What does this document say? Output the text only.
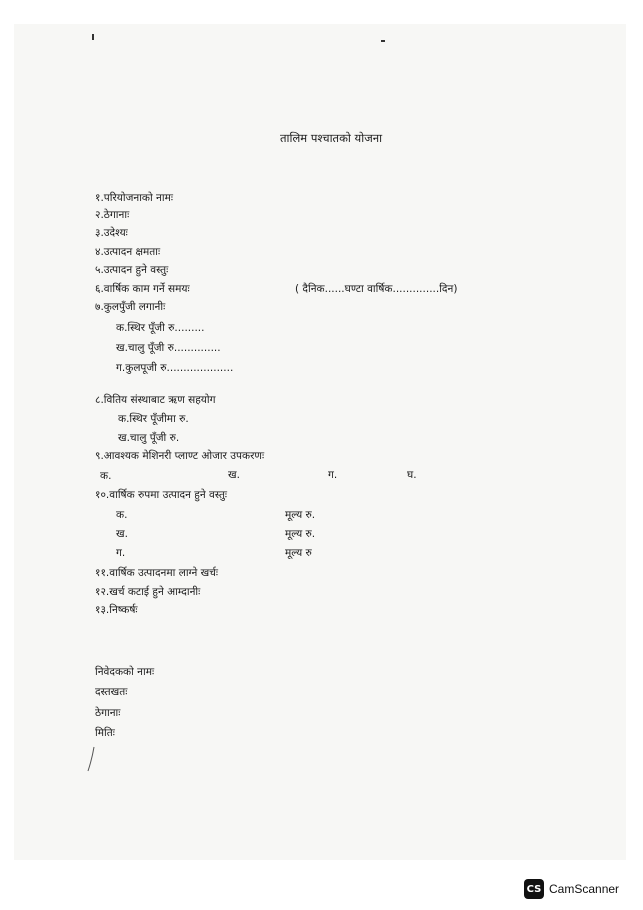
तालिम पश्चातको योजना
१.परियोजनाको नामः
२.ठेगानाः
३.उदेश्यः
४.उत्पादन क्षमताः
५.उत्पादन हुने वस्तुः
६.वार्षिक काम गर्ने समयः	( दैनिक......घण्टा वार्षिक..............दिन)
७.कुलपुँजी लगानीः
क.स्थिर पूँजी रु.........
ख.चालु पूँजी रु..............
ग.कुलपूजी रु....................
८.वितिय संस्थाबाट ऋण सहयोग
क.स्थिर पूँजीमा रु.
ख.चालु पूँजी रु.
९.आवश्यक मेशिनरी प्लाण्ट ओजार उपकरणः
क.	ख.	ग.	घ.
१०.वार्षिक रुपमा उत्पादन हुने वस्तुः
क.	मूल्य रु.
ख.	मूल्य रु.
ग.	मूल्य रु
११.वार्षिक उत्पादनमा लाग्ने खर्चः
१२.खर्च कटाई हुने आम्दानीः
१३.निष्कर्षः
निवेदकको नामः
दस्तखतः
ठेगानाः
मितिः
CS CamScanner
